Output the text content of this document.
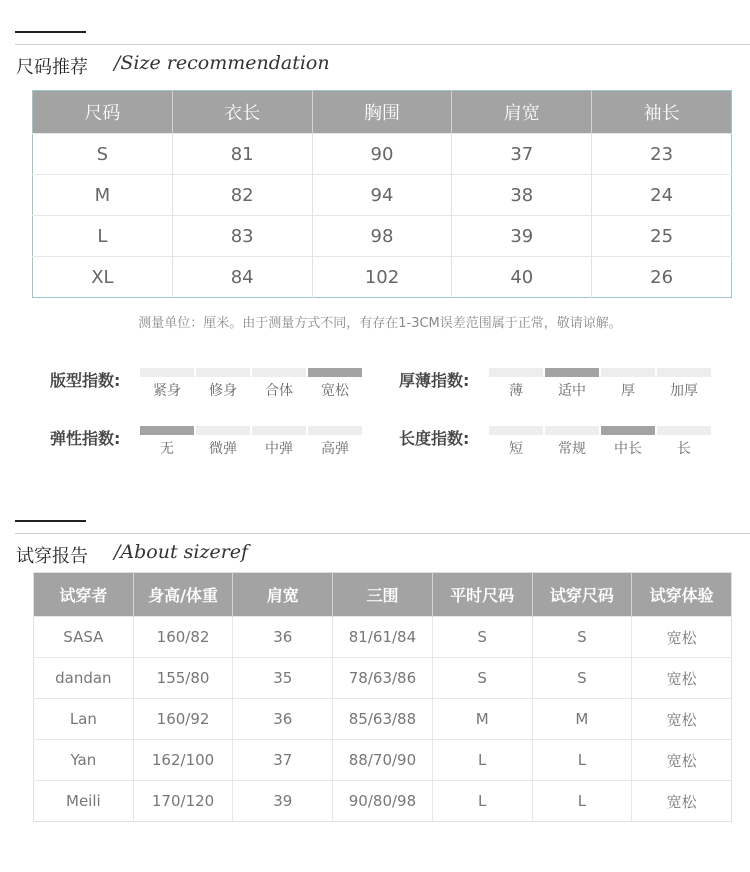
尺码推荐 /Size recommendation
尺码	衣长	胸围	肩宽	袖长
S	81	90	37	23
M	82	94	38	24
L	83	98	39	25
XL	84	102	40	26
测量单位：厘米。由于测量方式不同，有存在1-3CM误差范围属于正常，敬请谅解。
版型指数:
紧身	修身	合体	宽松
厚薄指数:
薄	适中	厚	加厚
弹性指数:
无	微弹	中弹	高弹
长度指数:
短	常规	中长	长
试穿报告 /About sizeref
试穿者	身高/体重	肩宽	三围	平时尺码	试穿尺码	试穿体验
SASA	160/82	36	81/61/84	S	S	宽松
dandan	155/80	35	78/63/86	S	S	宽松
Lan	160/92	36	85/63/88	M	M	宽松
Yan	162/100	37	88/70/90	L	L	宽松
Meili	170/120	39	90/80/98	L	L	宽松
